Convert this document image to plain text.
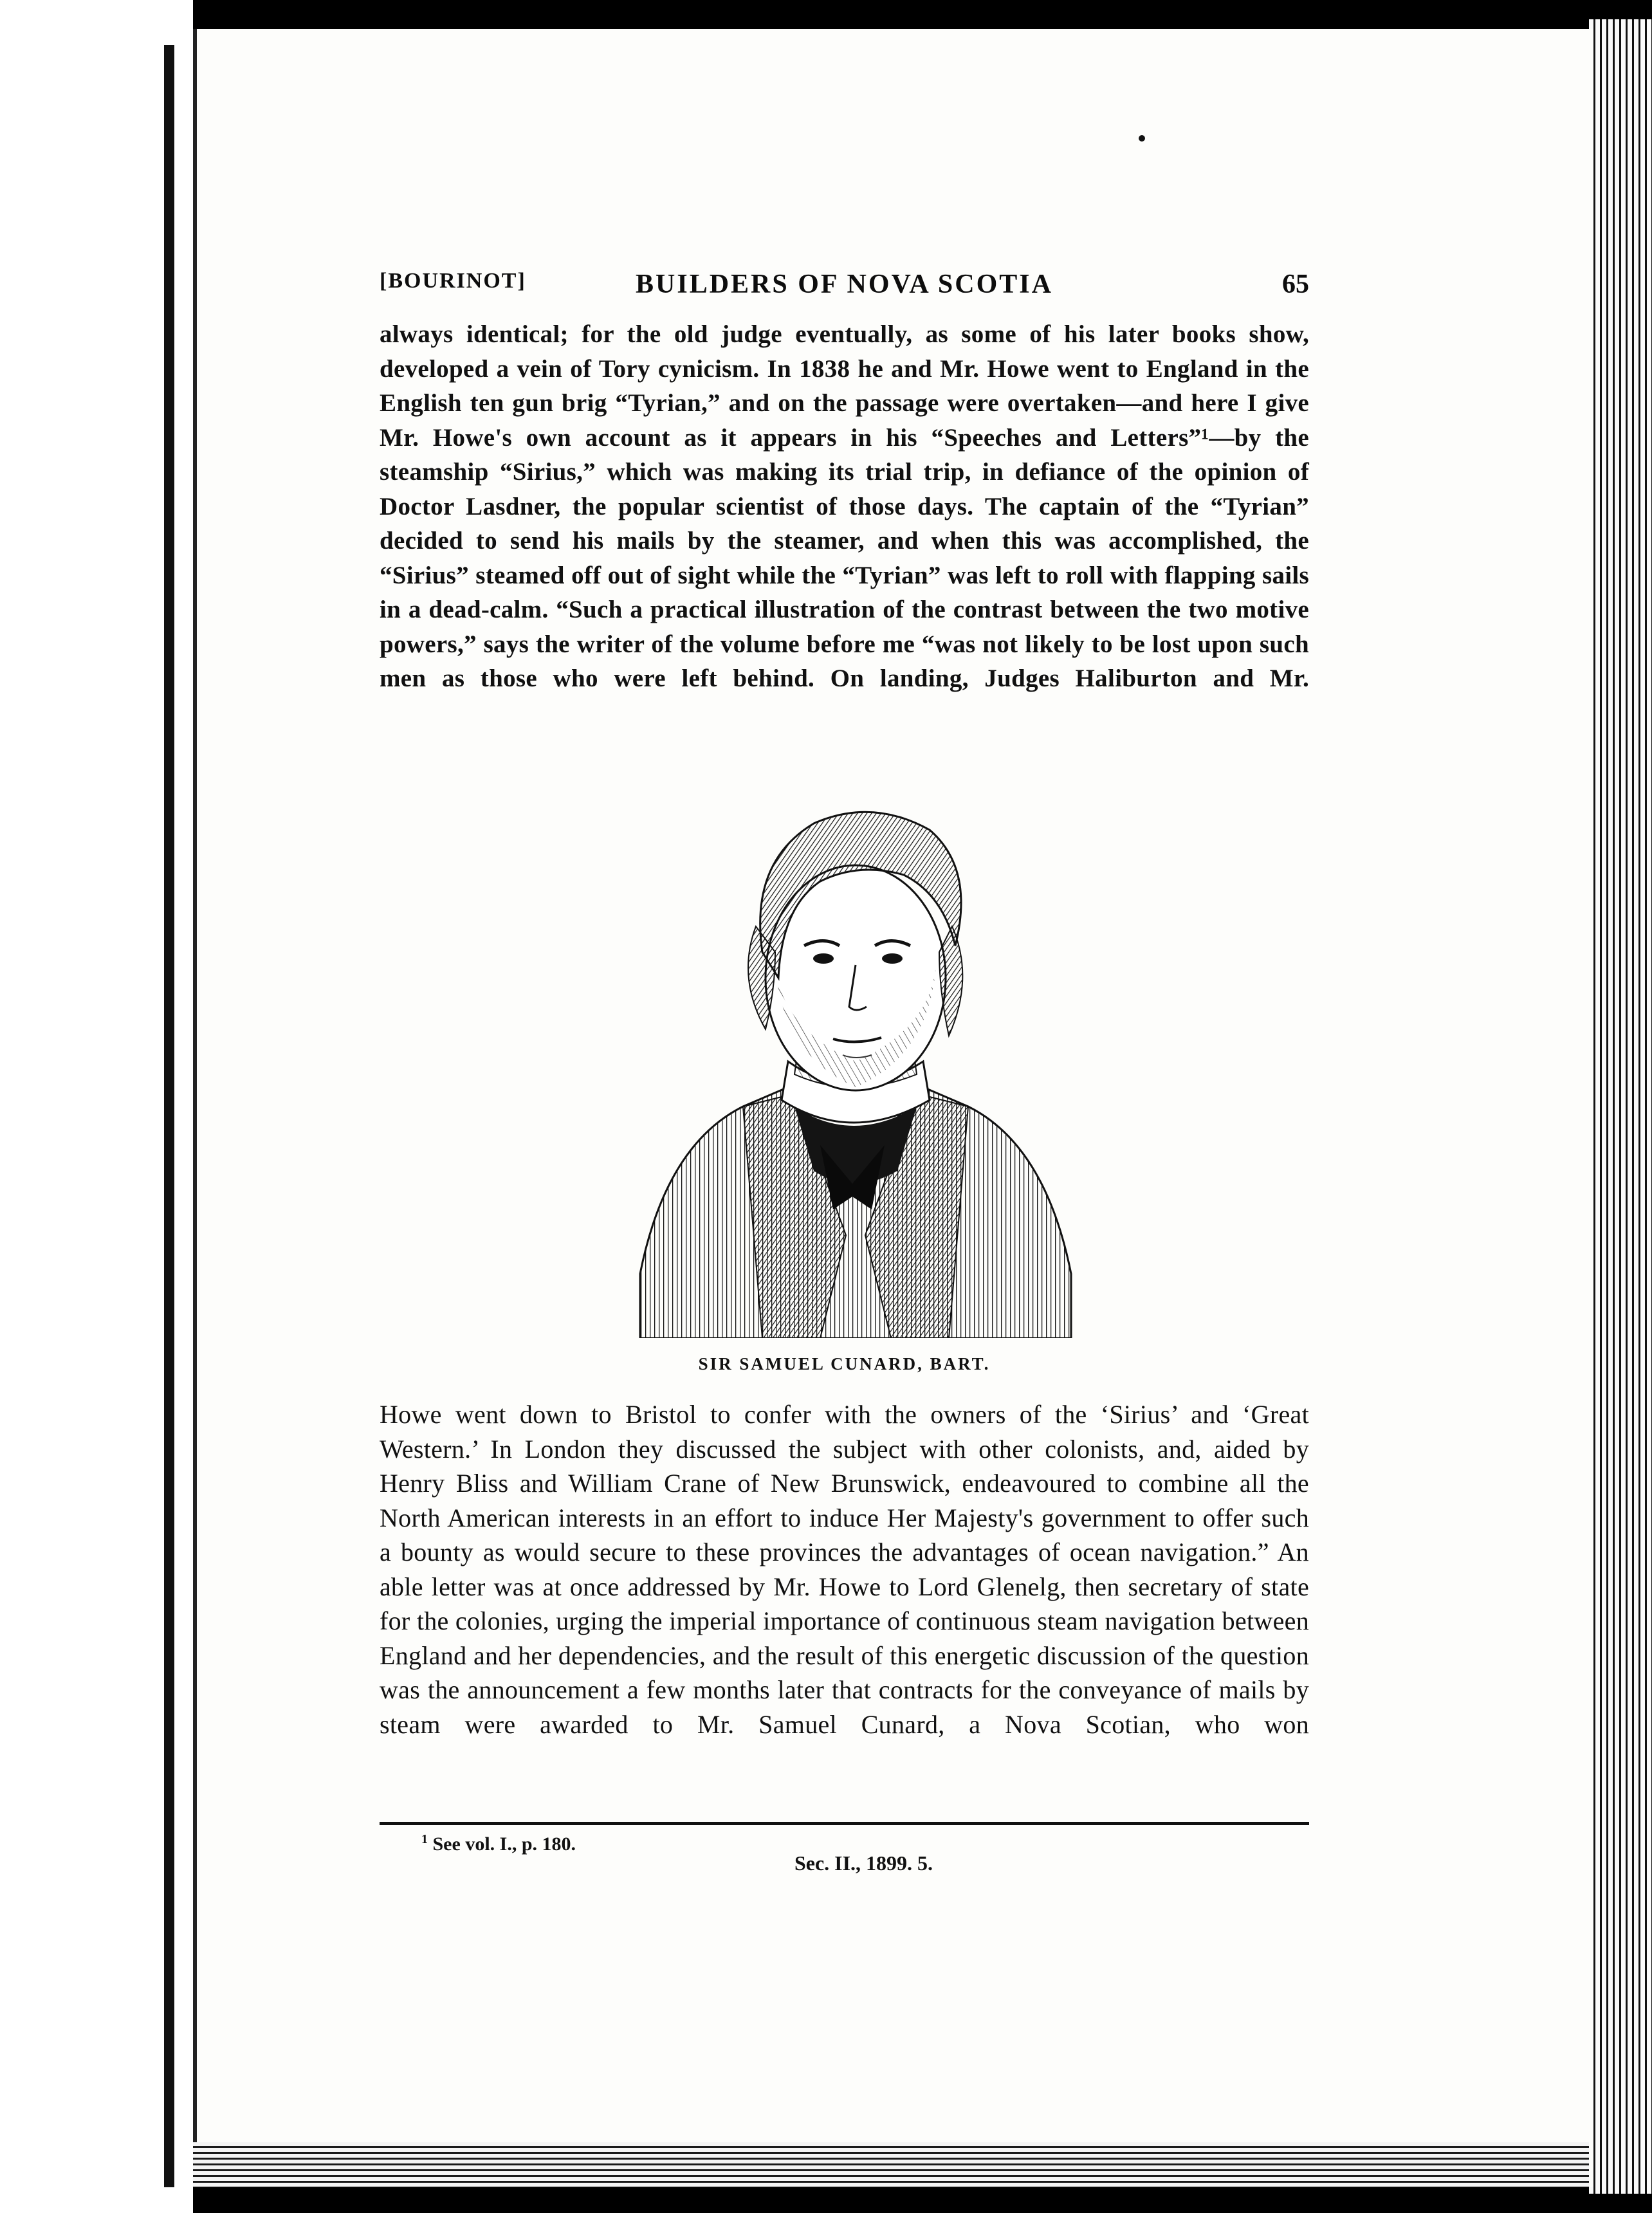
[BOURINOT]	BUILDERS OF NOVA SCOTIA	65

always identical; for the old judge eventually, as some of his later books show, developed a vein of Tory cynicism. In 1838 he and Mr. Howe went to England in the English ten gun brig “Tyrian,” and on the passage were overtaken—and here I give Mr. Howe's own account as it appears in his “Speeches and Letters”¹—by the steamship “Sirius,” which was making its trial trip, in defiance of the opinion of Doctor Lasdner, the popular scientist of those days. The captain of the “Tyrian” decided to send his mails by the steamer, and when this was accomplished, the “Sirius” steamed off out of sight while the “Tyrian” was left to roll with flapping sails in a dead-calm. “Such a practical illustration of the contrast between the two motive powers,” says the writer of the volume before me “was not likely to be lost upon such men as those who were left behind. On landing, Judges Haliburton and Mr.

SIR SAMUEL CUNARD, BART.

Howe went down to Bristol to confer with the owners of the ‘Sirius’ and ‘Great Western.’ In London they discussed the subject with other colonists, and, aided by Henry Bliss and William Crane of New Brunswick, endeavoured to combine all the North American interests in an effort to induce Her Majesty's government to offer such a bounty as would secure to these provinces the advantages of ocean navigation.” An able letter was at once addressed by Mr. Howe to Lord Glenelg, then secretary of state for the colonies, urging the imperial importance of continuous steam navigation between England and her dependencies, and the result of this energetic discussion of the question was the announcement a few months later that contracts for the conveyance of mails by steam were awarded to Mr. Samuel Cunard, a Nova Scotian, who won

$^1$ See vol. I., p. 180.
Sec. II., 1899. 5.
